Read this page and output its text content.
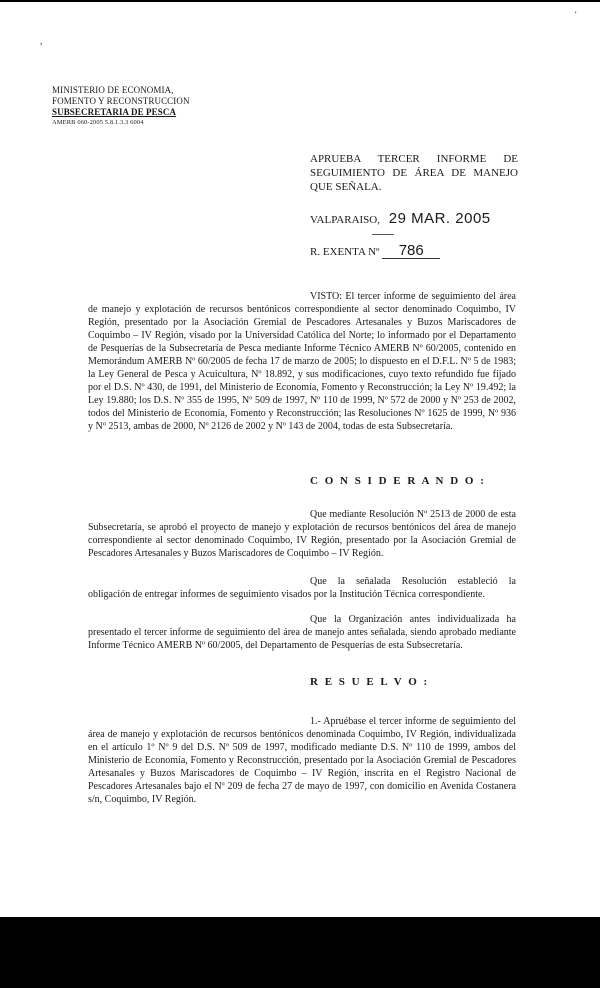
,
·
MINISTERIO DE ECONOMIA,
FOMENTO Y RECONSTRUCCION
SUBSECRETARIA DE PESCA
AMERB 060-2005 5.8.1.3.3 6004
APRUEBA TERCER INFORME DE
SEGUIMIENTO DE ÁREA DE MANEJO
QUE SEÑALA.
VALPARAISO, 29 MAR. 2005
R. EXENTA Nº 786
VISTO: El tercer informe de seguimiento del área de manejo y explotación de recursos bentónicos correspondiente al sector denominado Coquimbo, IV Región, presentado por la Asociación Gremial de Pescadores Artesanales y Buzos Mariscadores de Coquimbo – IV Región, visado por la Universidad Católica del Norte; lo informado por el Departamento de Pesquerías de la Subsecretaría de Pesca mediante Informe Técnico AMERB Nº 60/2005, contenido en Memorándum AMERB Nº 60/2005 de fecha 17 de marzo de 2005; lo dispuesto en el D.F.L. Nº 5 de 1983; la Ley General de Pesca y Acuicultura, Nº 18.892, y sus modificaciones, cuyo texto refundido fue fijado por el D.S. Nº 430, de 1991, del Ministerio de Economía, Fomento y Reconstrucción; la Ley Nº 19.492; la Ley 19.880; los D.S. Nº 355 de 1995, Nº 509 de 1997, Nº 110 de 1999, Nº 572 de 2000 y Nº 253 de 2002, todos del Ministerio de Economía, Fomento y Reconstrucción; las Resoluciones Nº 1625 de 1999, Nº 936 y Nº 2513, ambas de 2000, Nº 2126 de 2002 y Nº 143 de 2004, todas de esta Subsecretaría.
C O N S I D E R A N D O :
Que mediante Resolución Nº 2513 de 2000 de esta Subsecretaría, se aprobó el proyecto de manejo y explotación de recursos bentónicos del área de manejo correspondiente al sector denominado Coquimbo, IV Región, presentado por la Asociación Gremial de Pescadores Artesanales y Buzos Mariscadores de Coquimbo – IV Región.
Que la señalada Resolución estableció la obligación de entregar informes de seguimiento visados por la Institución Técnica correspondiente.
Que la Organización antes individualizada ha presentado el tercer informe de seguimiento del área de manejo antes señalada, siendo aprobado mediante Informe Técnico AMERB Nº 60/2005, del Departamento de Pesquerías de esta Subsecretaría.
R E S U E L V O :
1.- Apruébase el tercer informe de seguimiento del área de manejo y explotación de recursos bentónicos denominada Coquimbo, IV Región, individualizada en el artículo 1º Nº 9 del D.S. Nº 509 de 1997, modificado mediante D.S. Nº 110 de 1999, ambos del Ministerio de Economía, Fomento y Reconstrucción, presentado por la Asociación Gremial de Pescadores Artesanales y Buzos Mariscadores de Coquimbo – IV Región, inscrita en el Registro Nacional de Pescadores Artesanales bajo el Nº 209 de fecha 27 de mayo de 1997, con domicilio en Avenida Costanera s/n, Coquimbo, IV Región.
